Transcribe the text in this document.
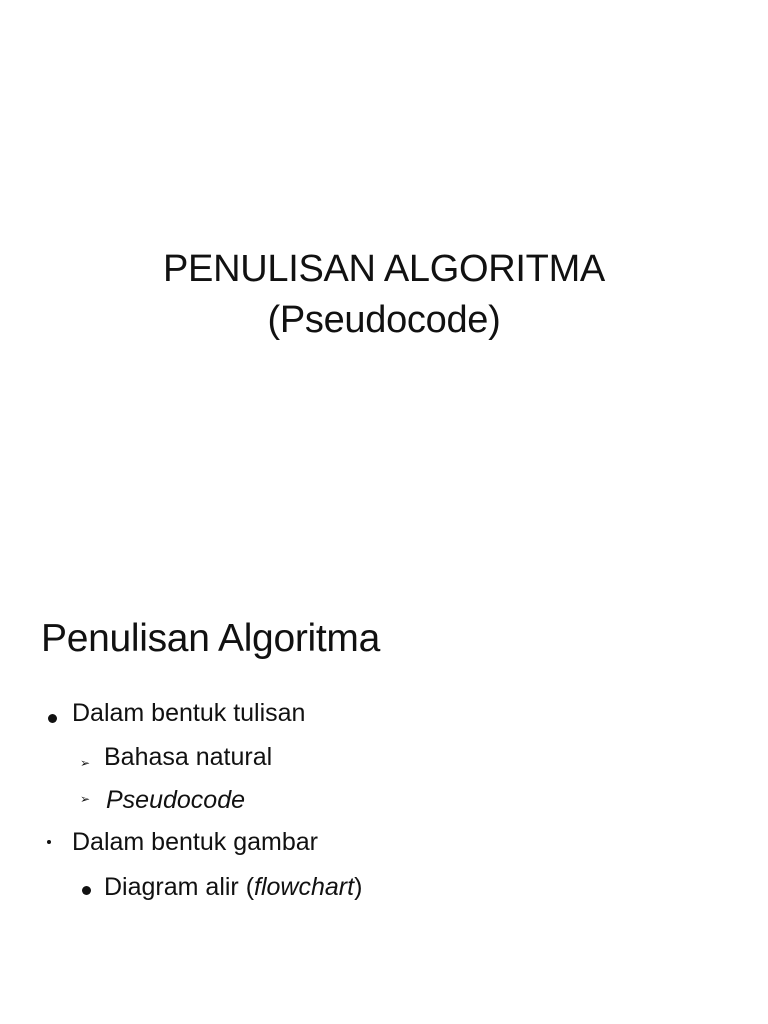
PENULISAN ALGORITMA
(Pseudocode)
Penulisan Algoritma
Dalam bentuk tulisan
➢ Bahasa natural
➢ Pseudocode
Dalam bentuk gambar
Diagram alir (flowchart)
